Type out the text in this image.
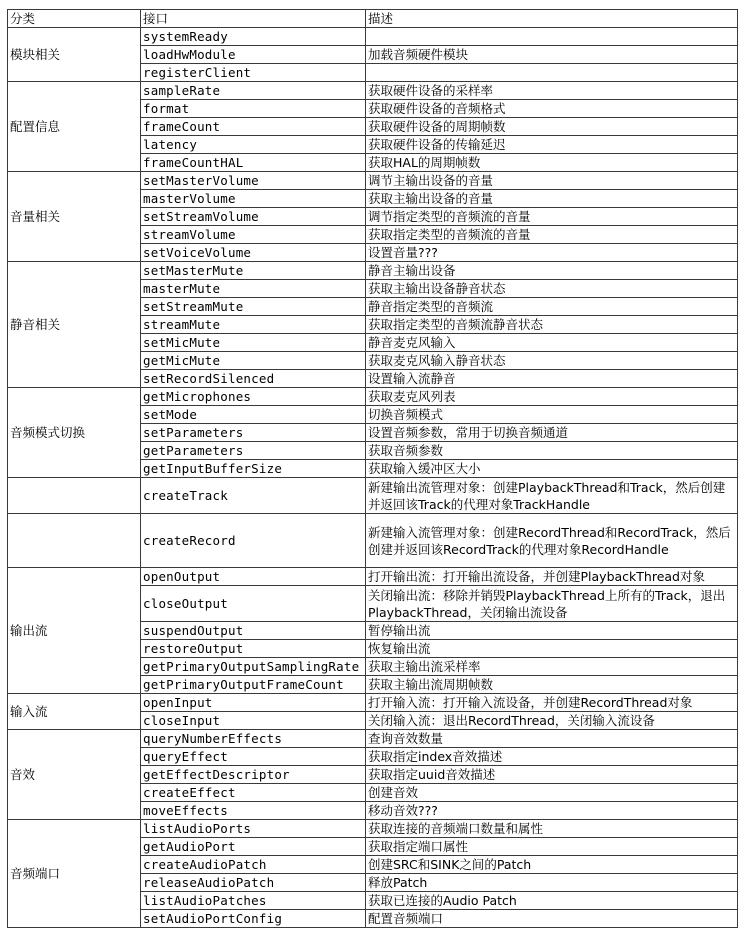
分类	接口	描述
模块相关	systemReady	
	loadHwModule	加载音频硬件模块
	registerClient	
配置信息	sampleRate	获取硬件设备的采样率
	format	获取硬件设备的音频格式
	frameCount	获取硬件设备的周期帧数
	latency	获取硬件设备的传输延迟
	frameCountHAL	获取HAL的周期帧数
音量相关	setMasterVolume	调节主输出设备的音量
	masterVolume	获取主输出设备的音量
	setStreamVolume	调节指定类型的音频流的音量
	streamVolume	获取指定类型的音频流的音量
	setVoiceVolume	设置音量???
静音相关	setMasterMute	静音主输出设备
	masterMute	获取主输出设备静音状态
	setStreamMute	静音指定类型的音频流
	streamMute	获取指定类型的音频流静音状态
	setMicMute	静音麦克风输入
	getMicMute	获取麦克风输入静音状态
	setRecordSilenced	设置输入流静音
音频模式切换	getMicrophones	获取麦克风列表
	setMode	切换音频模式
	setParameters	设置音频参数，常用于切换音频通道
	getParameters	获取音频参数
	getInputBufferSize	获取输入缓冲区大小
	createTrack	新建输出流管理对象：创建PlaybackThread和Track，然后创建并返回该Track的代理对象TrackHandle
	createRecord	新建输入流管理对象：创建RecordThread和RecordTrack，然后创建并返回该RecordTrack的代理对象RecordHandle
输出流	openOutput	打开输出流：打开输出流设备，并创建PlaybackThread对象
	closeOutput	关闭输出流：移除并销毁PlaybackThread上所有的Track，退出PlaybackThread，关闭输出流设备
	suspendOutput	暂停输出流
	restoreOutput	恢复输出流
	getPrimaryOutputSamplingRate	获取主输出流采样率
	getPrimaryOutputFrameCount	获取主输出流周期帧数
输入流	openInput	打开输入流：打开输入流设备，并创建RecordThread对象
	closeInput	关闭输入流：退出RecordThread，关闭输入流设备
音效	queryNumberEffects	查询音效数量
	queryEffect	获取指定index音效描述
	getEffectDescriptor	获取指定uuid音效描述
	createEffect	创建音效
	moveEffects	移动音效???
音频端口	listAudioPorts	获取连接的音频端口数量和属性
	getAudioPort	获取指定端口属性
	createAudioPatch	创建SRC和SINK之间的Patch
	releaseAudioPatch	释放Patch
	listAudioPatches	获取已连接的Audio Patch
	setAudioPortConfig	配置音频端口
